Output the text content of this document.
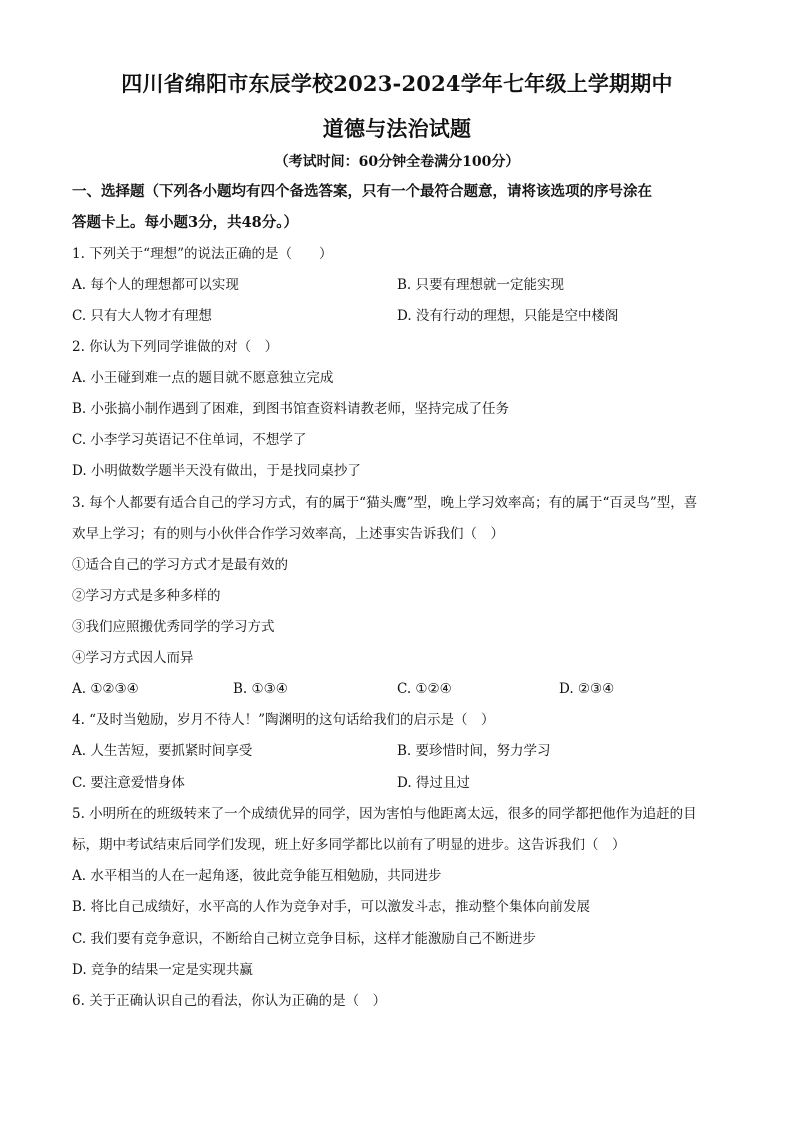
四川省绵阳市东辰学校2023-2024学年七年级上学期期中
道德与法治试题
（考试时间：60分钟全卷满分100分）
一、选择题（下列各小题均有四个备选答案，只有一个最符合题意，请将该选项的序号涂在
答题卡上。每小题3分，共48分。）
1. 下列关于“理想”的说法正确的是（　　）
A. 每个人的理想都可以实现	B. 只要有理想就一定能实现
C. 只有大人物才有理想	D. 没有行动的理想，只能是空中楼阁
2. 你认为下列同学谁做的对（　）
A. 小王碰到难一点的题目就不愿意独立完成
B. 小张搞小制作遇到了困难，到图书馆查资料请教老师，坚持完成了任务
C. 小李学习英语记不住单词，不想学了
D. 小明做数学题半天没有做出，于是找同桌抄了
3. 每个人都要有适合自己的学习方式，有的属于“猫头鹰”型，晚上学习效率高；有的属于“百灵鸟”型，喜
欢早上学习；有的则与小伙伴合作学习效率高，上述事实告诉我们（　）
①适合自己的学习方式才是最有效的
②学习方式是多种多样的
③我们应照搬优秀同学的学习方式
④学习方式因人而异
A. ①②③④	B. ①③④	C. ①②④	D. ②③④
4. “及时当勉励，岁月不待人！”陶渊明的这句话给我们的启示是（　）
A. 人生苦短，要抓紧时间享受	B. 要珍惜时间，努力学习
C. 要注意爱惜身体	D. 得过且过
5. 小明所在的班级转来了一个成绩优异的同学，因为害怕与他距离太远，很多的同学都把他作为追赶的目
标，期中考试结束后同学们发现，班上好多同学都比以前有了明显的进步。这告诉我们（　）
A. 水平相当的人在一起角逐，彼此竞争能互相勉励，共同进步
B. 将比自己成绩好，水平高的人作为竞争对手，可以激发斗志，推动整个集体向前发展
C. 我们要有竞争意识，不断给自己树立竞争目标，这样才能激励自己不断进步
D. 竞争的结果一定是实现共赢
6. 关于正确认识自己的看法，你认为正确的是（　）
